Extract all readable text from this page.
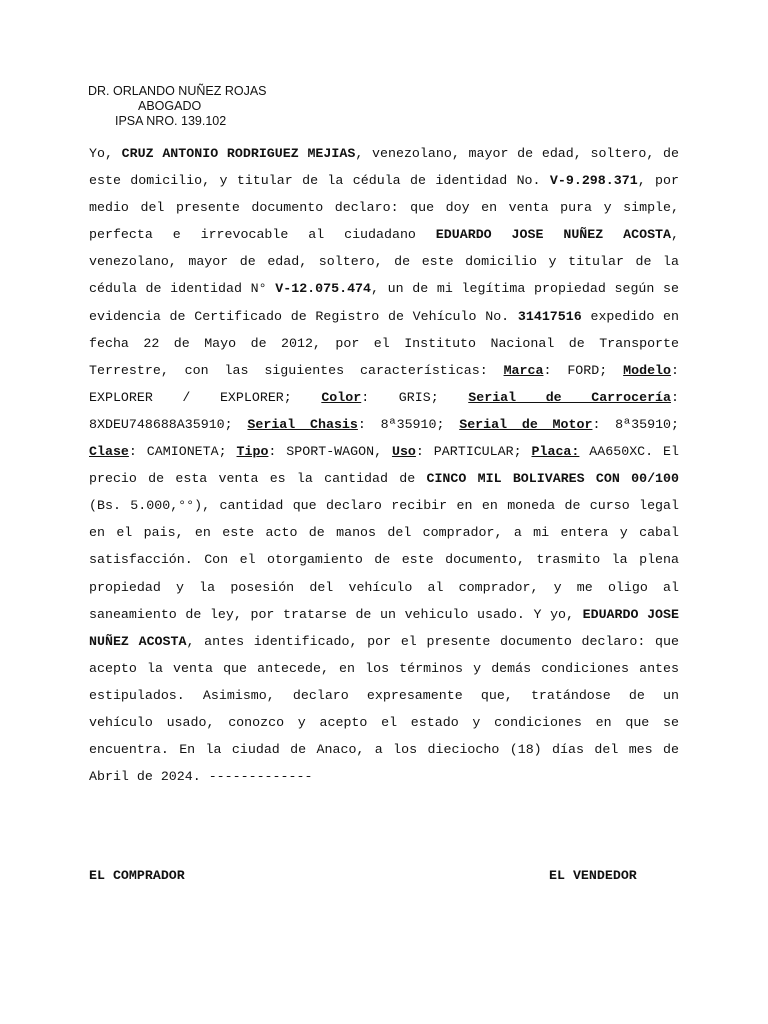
DR. ORLANDO NUÑEZ ROJAS
ABOGADO
IPSA NRO. 139.102

Yo, CRUZ ANTONIO RODRIGUEZ MEJIAS, venezolano, mayor de edad, soltero, de este domicilio, y titular de la cédula de identidad No. V-9.298.371, por medio del presente documento declaro: que doy en venta pura y simple, perfecta e irrevocable al ciudadano EDUARDO JOSE NUÑEZ ACOSTA, venezolano, mayor de edad, soltero, de este domicilio y titular de la cédula de identidad N° V-12.075.474, un de mi legítima propiedad según se evidencia de Certificado de Registro de Vehículo No. 31417516 expedido en fecha 22 de Mayo de 2012, por el Instituto Nacional de Transporte Terrestre, con las siguientes características: Marca: FORD; Modelo: EXPLORER / EXPLORER; Color: GRIS; Serial de Carrocería: 8XDEU748688A35910; Serial Chasis: 8ª35910; Serial de Motor: 8ª35910; Clase: CAMIONETA; Tipo: SPORT-WAGON, Uso: PARTICULAR; Placa: AA650XC. El precio de esta venta es la cantidad de CINCO MIL BOLIVARES CON 00/100 (Bs. 5.000,°°), cantidad que declaro recibir en en moneda de curso legal en el pais, en este acto de manos del comprador, a mi entera y cabal satisfacción. Con el otorgamiento de este documento, trasmito la plena propiedad y la posesión del vehículo al comprador, y me oligo al saneamiento de ley, por tratarse de un vehiculo usado. Y yo, EDUARDO JOSE NUÑEZ ACOSTA, antes identificado, por el presente documento declaro: que acepto la venta que antecede, en los términos y demás condiciones antes estipulados. Asimismo, declaro expresamente que, tratándose de un vehículo usado, conozco y acepto el estado y condiciones en que se encuentra. En la ciudad de Anaco, a los dieciocho (18) días del mes de Abril de 2024. -------------

EL COMPRADOR	EL VENDEDOR
